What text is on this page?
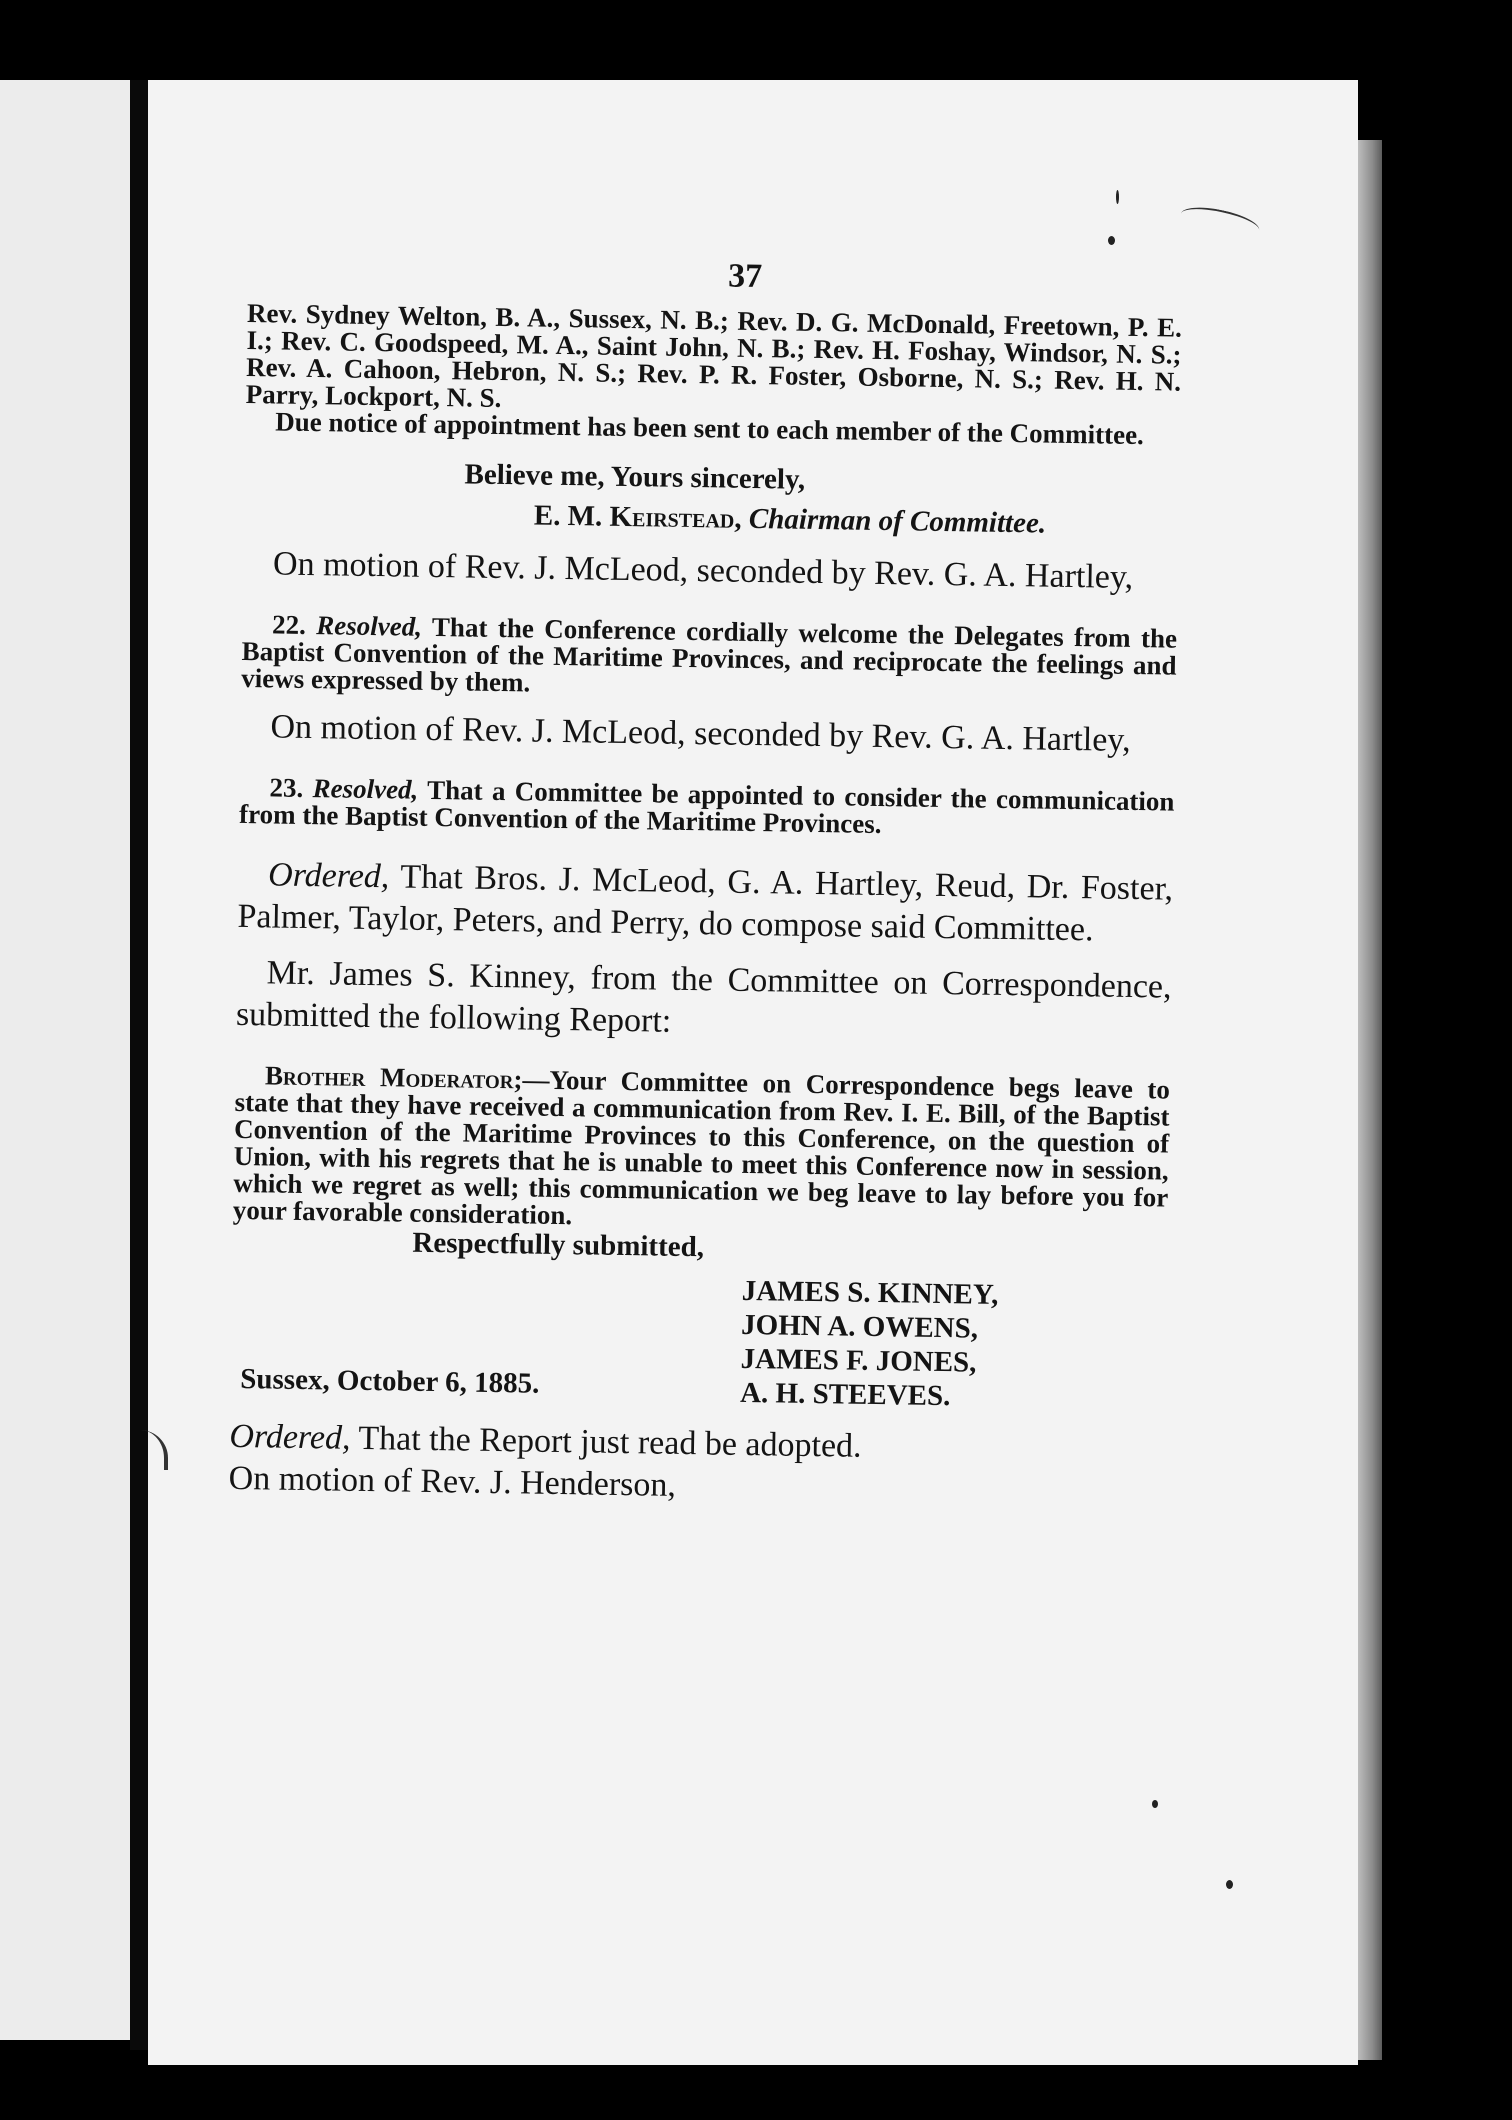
37

Rev. Sydney Welton, B. A., Sussex, N. B.; Rev. D. G. McDonald, Freetown, P. E. I.; Rev. C. Goodspeed, M. A., Saint John, N. B.; Rev. H. Foshay, Windsor, N. S.; Rev. A. Cahoon, Hebron, N. S.; Rev. P. R. Foster, Osborne, N. S.; Rev. H. N. Parry, Lockport, N. S.

Due notice of appointment has been sent to each member of the Committee.

Believe me, Yours sincerely,

E. M. Keirstead, Chairman of Committee.

On motion of Rev. J. McLeod, seconded by Rev. G. A. Hartley,

22. Resolved, That the Conference cordially welcome the Delegates from the Baptist Convention of the Maritime Provinces, and reciprocate the feelings and views expressed by them.

On motion of Rev. J. McLeod, seconded by Rev. G. A. Hartley,

23. Resolved, That a Committee be appointed to consider the communication from the Baptist Convention of the Maritime Provinces.

Ordered, That Bros. J. McLeod, G. A. Hartley, Reud, Dr. Foster, Palmer, Taylor, Peters, and Perry, do compose said Committee.

Mr. James S. Kinney, from the Committee on Correspondence, submitted the following Report:

Brother Moderator;—Your Committee on Correspondence begs leave to state that they have received a communication from Rev. I. E. Bill, of the Baptist Convention of the Maritime Provinces to this Conference, on the question of Union, with his regrets that he is unable to meet this Conference now in session, which we regret as well; this communication we beg leave to lay before you for your favorable consideration.

Respectfully submitted,

JAMES S. KINNEY,
JOHN A. OWENS,
JAMES F. JONES,
A. H. STEEVES.
Sussex, October 6, 1885.

Ordered, That the Report just read be adopted.

On motion of Rev. J. Henderson,
